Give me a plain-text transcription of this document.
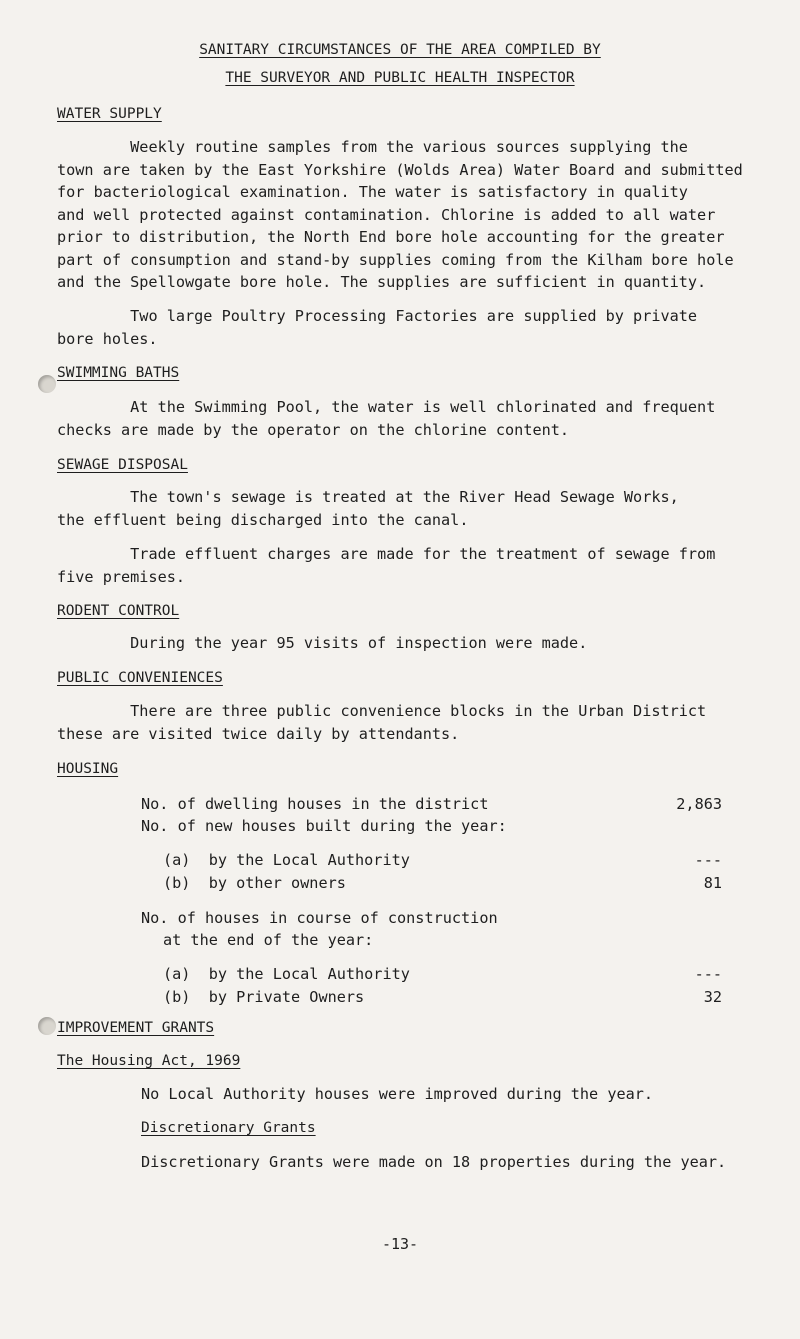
SANITARY CIRCUMSTANCES OF THE AREA COMPILED BY
THE SURVEYOR AND PUBLIC HEALTH INSPECTOR
WATER SUPPLY
Weekly routine samples from the various sources supplying the
town are taken by the East Yorkshire (Wolds Area) Water Board and submitted
for bacteriological examination. The water is satisfactory in quality
and well protected against contamination. Chlorine is added to all water
prior to distribution, the North End bore hole accounting for the greater
part of consumption and stand-by supplies coming from the Kilham bore hole
and the Spellowgate bore hole. The supplies are sufficient in quantity.
Two large Poultry Processing Factories are supplied by private
bore holes.
SWIMMING BATHS
At the Swimming Pool, the water is well chlorinated and frequent
checks are made by the operator on the chlorine content.
SEWAGE DISPOSAL
The town's sewage is treated at the River Head Sewage Works,
the effluent being discharged into the canal.
Trade effluent charges are made for the treatment of sewage from
five premises.
RODENT CONTROL
During the year 95 visits of inspection were made.
PUBLIC CONVENIENCES
There are three public convenience blocks in the Urban District
these are visited twice daily by attendants.
HOUSING
No. of dwelling houses in the district	2,863
No. of new houses built during the year:
(a)  by the Local Authority	---
(b)  by other owners	81
No. of houses in course of construction
at the end of the year:
(a)  by the Local Authority	---
(b)  by Private Owners	32
IMPROVEMENT GRANTS
The Housing Act, 1969
No Local Authority houses were improved during the year.
Discretionary Grants
Discretionary Grants were made on 18 properties during the year.
-13-
